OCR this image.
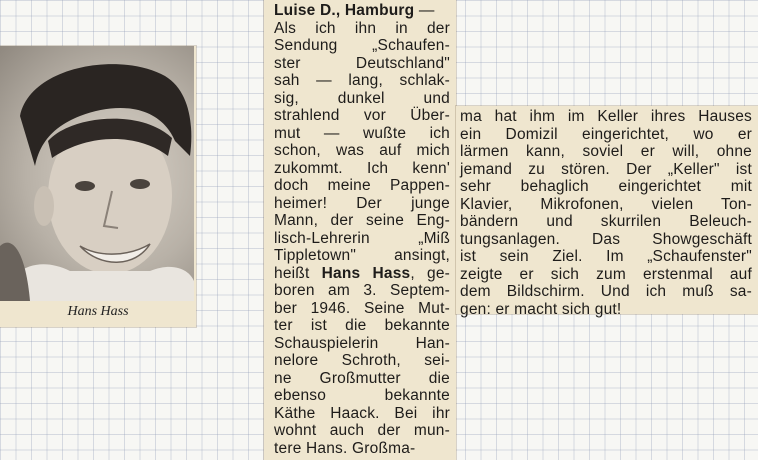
Hans Hass
Luise D., Hamburg —
Als ich ihn in der
Sendung „Schaufen-
ster Deutschland"
sah — lang, schlak-
sig, dunkel und
strahlend vor Über-
mut — wußte ich
schon, was auf mich
zukommt. Ich kenn'
doch meine Pappen-
heimer! Der junge
Mann, der seine Eng-
lisch-Lehrerin „Miß
Tippletown" ansingt,
heißt Hans Hass, ge-
boren am 3. Septem-
ber 1946. Seine Mut-
ter ist die bekannte
Schauspielerin Han-
nelore Schroth, sei-
ne Großmutter die
ebenso bekannte
Käthe Haack. Bei ihr
wohnt auch der mun-
tere Hans. Großma-
ma hat ihm im Keller ihres Hauses
ein Domizil eingerichtet, wo er
lärmen kann, soviel er will, ohne
jemand zu stören. Der „Keller" ist
sehr behaglich eingerichtet mit
Klavier, Mikrofonen, vielen Ton-
bändern und skurrilen Beleuch-
tungsanlagen. Das Showgeschäft
ist sein Ziel. Im „Schaufenster"
zeigte er sich zum erstenmal auf
dem Bildschirm. Und ich muß sa-
gen: er macht sich gut!
